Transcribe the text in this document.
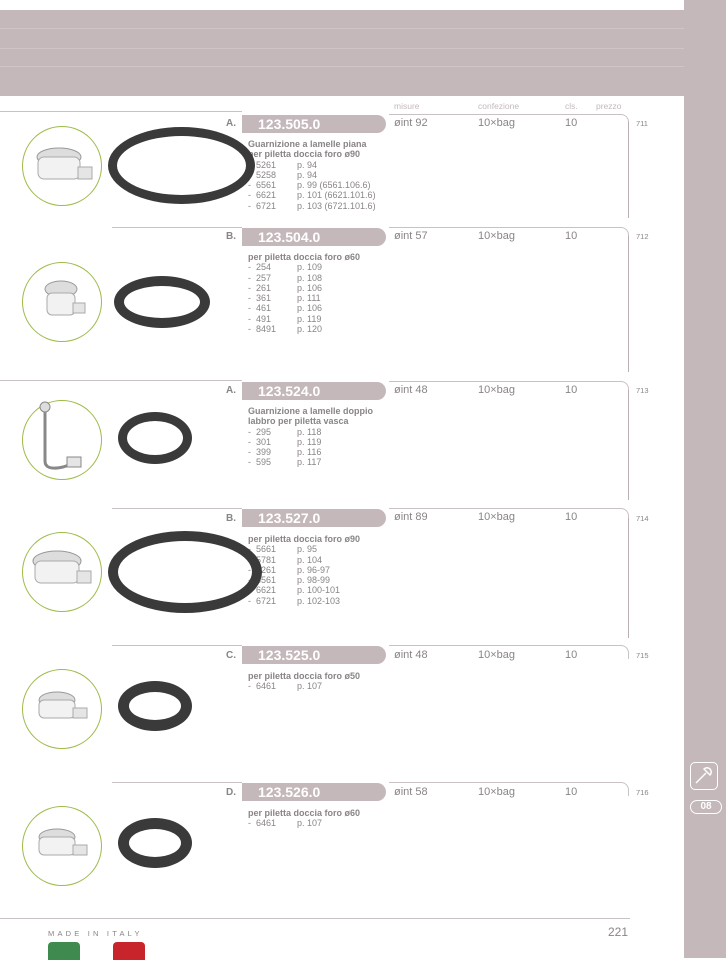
08
misure	confezione	cls. prezzo
A.	123.505.0	øint 92	10×bag	10	711
Guarnizione a lamelle piana
per piletta doccia foro ø90
-  5261 p. 94
-  5258 p. 94
-  6561 p. 99 (6561.106.6)
-  6621 p. 101 (6621.101.6)
-  6721 p. 103 (6721.101.6)
B.	123.504.0	øint 57	10×bag	10	712
per piletta doccia foro ø60
-  254	p. 109
-  257	p. 108
-  261	p. 106
-  361	p. 111
-  461	p. 106
-  491	p. 119
-  8491 p. 120
A.	123.524.0	øint 48	10×bag	10	713
Guarnizione a lamelle doppio
labbro per piletta vasca
-  295	p. 118
-  301	p. 119
-  399	p. 116
-  595	p. 117
B.	123.527.0	øint 89	10×bag	10	714
per piletta doccia foro ø90
-  5661 p. 95
-  5781 p. 104
-  6261 p. 96-97
-  6561 p. 98-99
-  6621 p. 100-101
-  6721 p. 102-103
C.	123.525.0	øint 48	10×bag	10	715
per piletta doccia foro ø50
-  6461 p. 107
D.	123.526.0	øint 58	10×bag	10	716
per piletta doccia foro ø60
-  6461 p. 107
MADE IN ITALY	221
